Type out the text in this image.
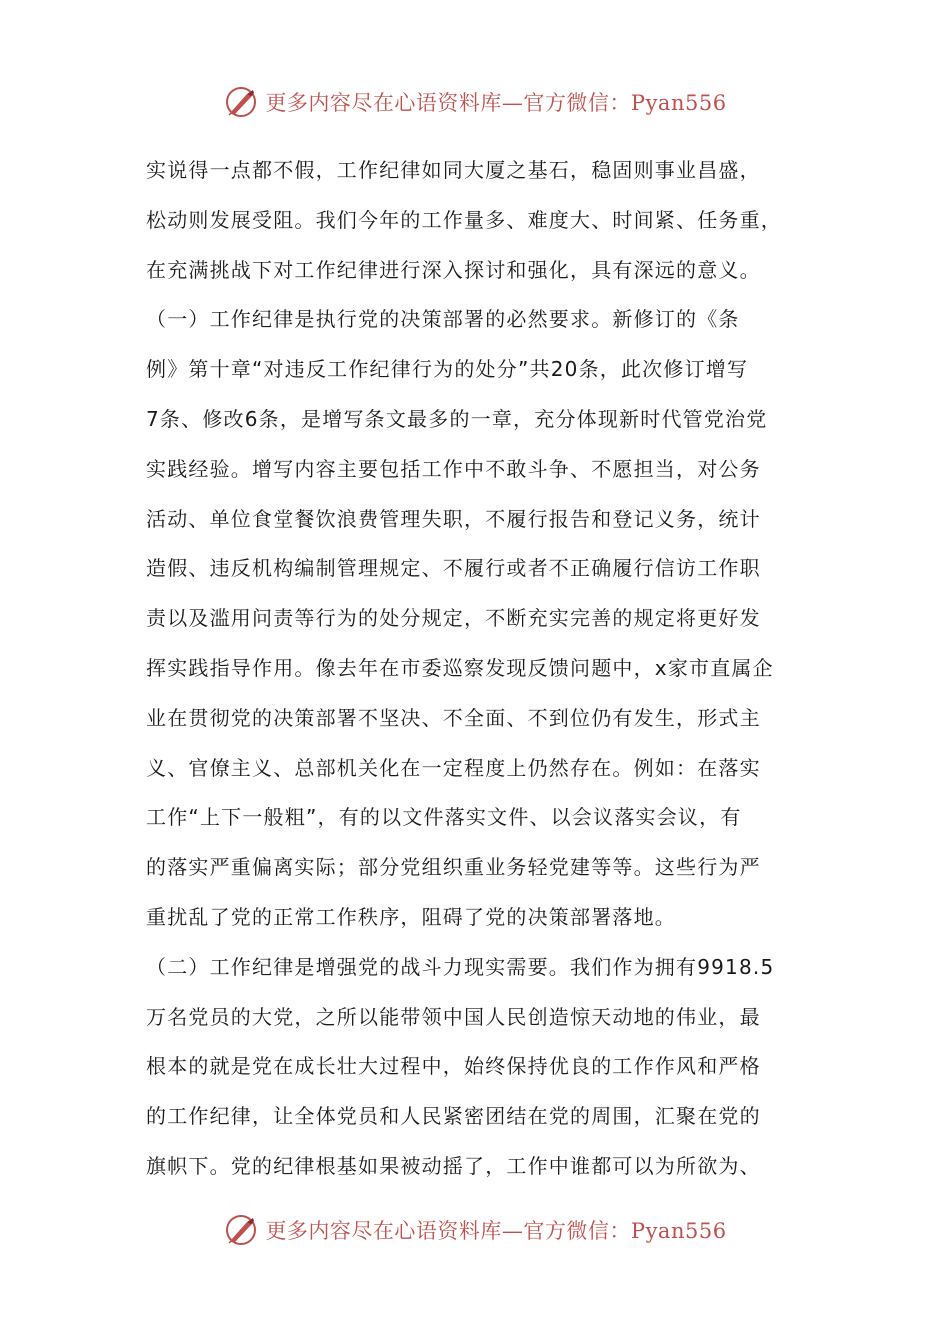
更多内容尽在心语资料库—官方微信：Pyan556
实说得一点都不假，工作纪律如同大厦之基石，稳固则事业昌盛，
松动则发展受阻。我们今年的工作量多、难度大、时间紧、任务重，
在充满挑战下对工作纪律进行深入探讨和强化，具有深远的意义。
（一）工作纪律是执行党的决策部署的必然要求。新修订的《条
例》第十章“对违反工作纪律行为的处分”共20条，此次修订增写
7条、修改6条，是增写条文最多的一章，充分体现新时代管党治党
实践经验。增写内容主要包括工作中不敢斗争、不愿担当，对公务
活动、单位食堂餐饮浪费管理失职，不履行报告和登记义务，统计
造假、违反机构编制管理规定、不履行或者不正确履行信访工作职
责以及滥用问责等行为的处分规定，不断充实完善的规定将更好发
挥实践指导作用。像去年在市委巡察发现反馈问题中，x家市直属企
业在贯彻党的决策部署不坚决、不全面、不到位仍有发生，形式主
义、官僚主义、总部机关化在一定程度上仍然存在。例如：在落实
工作“上下一般粗”，有的以文件落实文件、以会议落实会议，有
的落实严重偏离实际；部分党组织重业务轻党建等等。这些行为严
重扰乱了党的正常工作秩序，阻碍了党的决策部署落地。
（二）工作纪律是增强党的战斗力现实需要。我们作为拥有9918.5
万名党员的大党，之所以能带领中国人民创造惊天动地的伟业，最
根本的就是党在成长壮大过程中，始终保持优良的工作作风和严格
的工作纪律，让全体党员和人民紧密团结在党的周围，汇聚在党的
旗帜下。党的纪律根基如果被动摇了，工作中谁都可以为所欲为、
更多内容尽在心语资料库—官方微信：Pyan556
